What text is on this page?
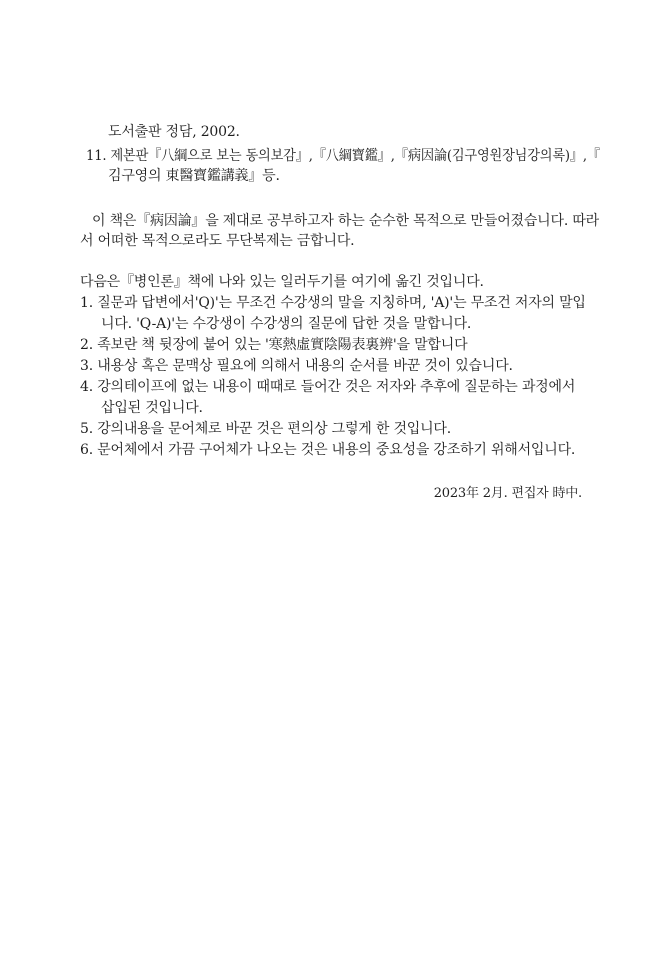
도서출판 정담, 2002.
11. 제본판『八綱으로 보는 동의보감』,『八綱寶鑑』,『病因論(김구영원장님강의록)』,『
김구영의 東醫寶鑑講義』등.
이 책은『病因論』을 제대로 공부하고자 하는 순수한 목적으로 만들어졌습니다. 따라
서 어떠한 목적으로라도 무단복제는 금합니다.
다음은『병인론』책에 나와 있는 일러두기를 여기에 옮긴 것입니다.
1. 질문과 답변에서'Q)'는 무조건 수강생의 말을 지칭하며, 'A)'는 무조건 저자의 말입
니다. 'Q-A)'는 수강생이 수강생의 질문에 답한 것을 말합니다.
2. 족보란 책 뒷장에 붙어 있는 '寒熱虛實陰陽表裏辨'을 말합니다
3. 내용상 혹은 문맥상 필요에 의해서 내용의 순서를 바꾼 것이 있습니다.
4. 강의테이프에 없는 내용이 때때로 들어간 것은 저자와 추후에 질문하는 과정에서
삽입된 것입니다.
5. 강의내용을 문어체로 바꾼 것은 편의상 그렇게 한 것입니다.
6. 문어체에서 가끔 구어체가 나오는 것은 내용의 중요성을 강조하기 위해서입니다.
2023年 2月. 편집자 時中.
